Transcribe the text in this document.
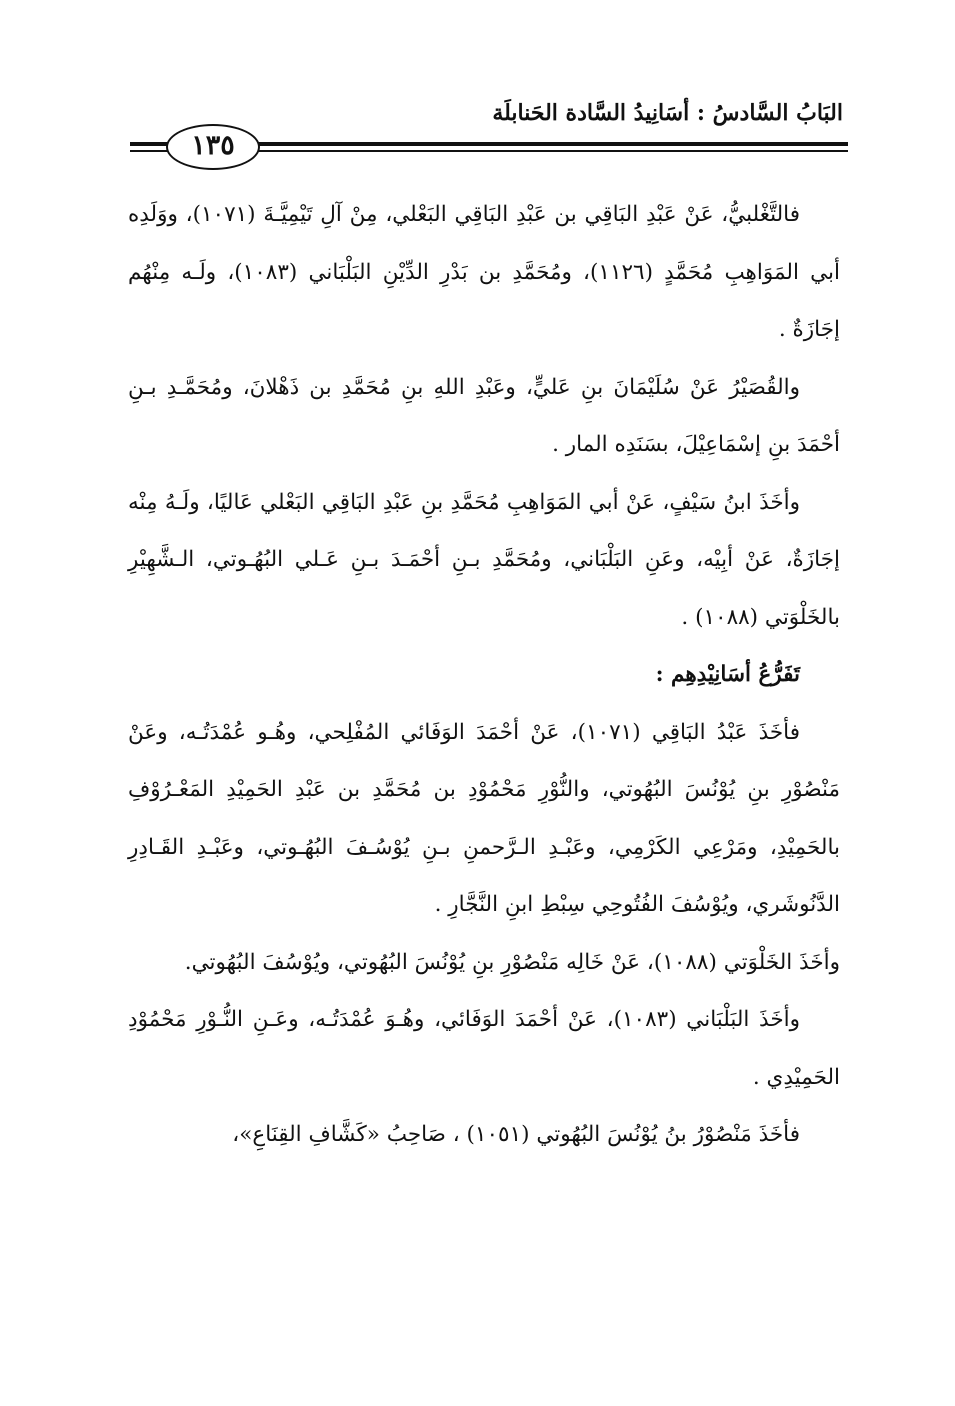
البَابُ السَّادسُ : أسَانِيدُ السَّادة الحَنابلَة
١٣٥

فالتَّغْلبيُّ، عَنْ عَبْدِ البَاقِي بن عَبْدِ البَاقِي البَعْلي، مِنْ آلِ تَيْمِيَّـةَ (١٠٧١)، ووَلَدِه أبي المَوَاهِبِ مُحَمَّدٍ (١١٢٦)، ومُحَمَّدِ بن بَدْرِ الدِّيْنِ البَلْبَاني (١٠٨٣)، ولَـه مِنْهُم إجَازَةٌ .

والقُصَيْرُ عَنْ سُلَيْمَانَ بنِ عَليٍّ، وعَبْدِ اللهِ بنِ مُحَمَّدِ بن ذَهْلانَ، ومُحَمَّـدِ بـنِ أحْمَدَ بنِ إسْمَاعِيْلَ، بسَنَدِه المار .

وأخَذَ ابنُ سَيْفٍ، عَنْ أبي المَوَاهِبِ مُحَمَّدِ بنِ عَبْدِ البَاقِي البَعْلي عَاليًا، ولَـهُ مِنْه إجَازَةٌ، عَنْ أبِيْه، وعَنِ البَلْبَاني، ومُحَمَّدِ بـنِ أحْمَـدَ بـنِ عَـلي البُهُـوتي، الـشَّهِيْرِ بالخَلْوَتي (١٠٨٨) .

تَفَرُّعُ أسَانِيْدِهِم :

فأخَذَ عَبْدُ البَاقِي (١٠٧١)، عَنْ أحْمَدَ الوَفَائي المُفْلِحي، وهُـو عُمْدَتُـه، وعَنْ مَنْصُوْرِ بنِ يُوْنُسَ البُهُوتي، والنُّوْرِ مَحْمُوْدِ بن مُحَمَّدِ بن عَبْدِ الحَمِيْدِ المَعْـرُوْفِ بالحَمِيْدِ، ومَرْعِي الكَرْمِي، وعَبْـدِ الـرَّحمنِ بـنِ يُوْسُـفَ البُهُـوتي، وعَبْـدِ القَـادِرِ الدَّنُوشَري، ويُوْسُفَ الفُتُوحِي سِبْطِ ابنِ النَّجَّارِ .

وأخَذَ الخَلْوَتي (١٠٨٨)، عَنْ خَالِه مَنْصُوْرِ بنِ يُوْنُسَ البُهُوتي، ويُوْسُفَ البُهُوتي.

وأخَذَ البَلْبَاني (١٠٨٣)، عَنْ أحْمَدَ الوَفَائي، وهُـوَ عُمْدَتُـه، وعَـنِ النُّـوْرِ مَحْمُوْدِ الحَمِيْدِي .

فأخَذَ مَنْصُوْرُ بنُ يُوْنُسَ البُهُوتي (١٠٥١) ، صَاحِبُ «كَشَّافِ القِنَاعِ»،
